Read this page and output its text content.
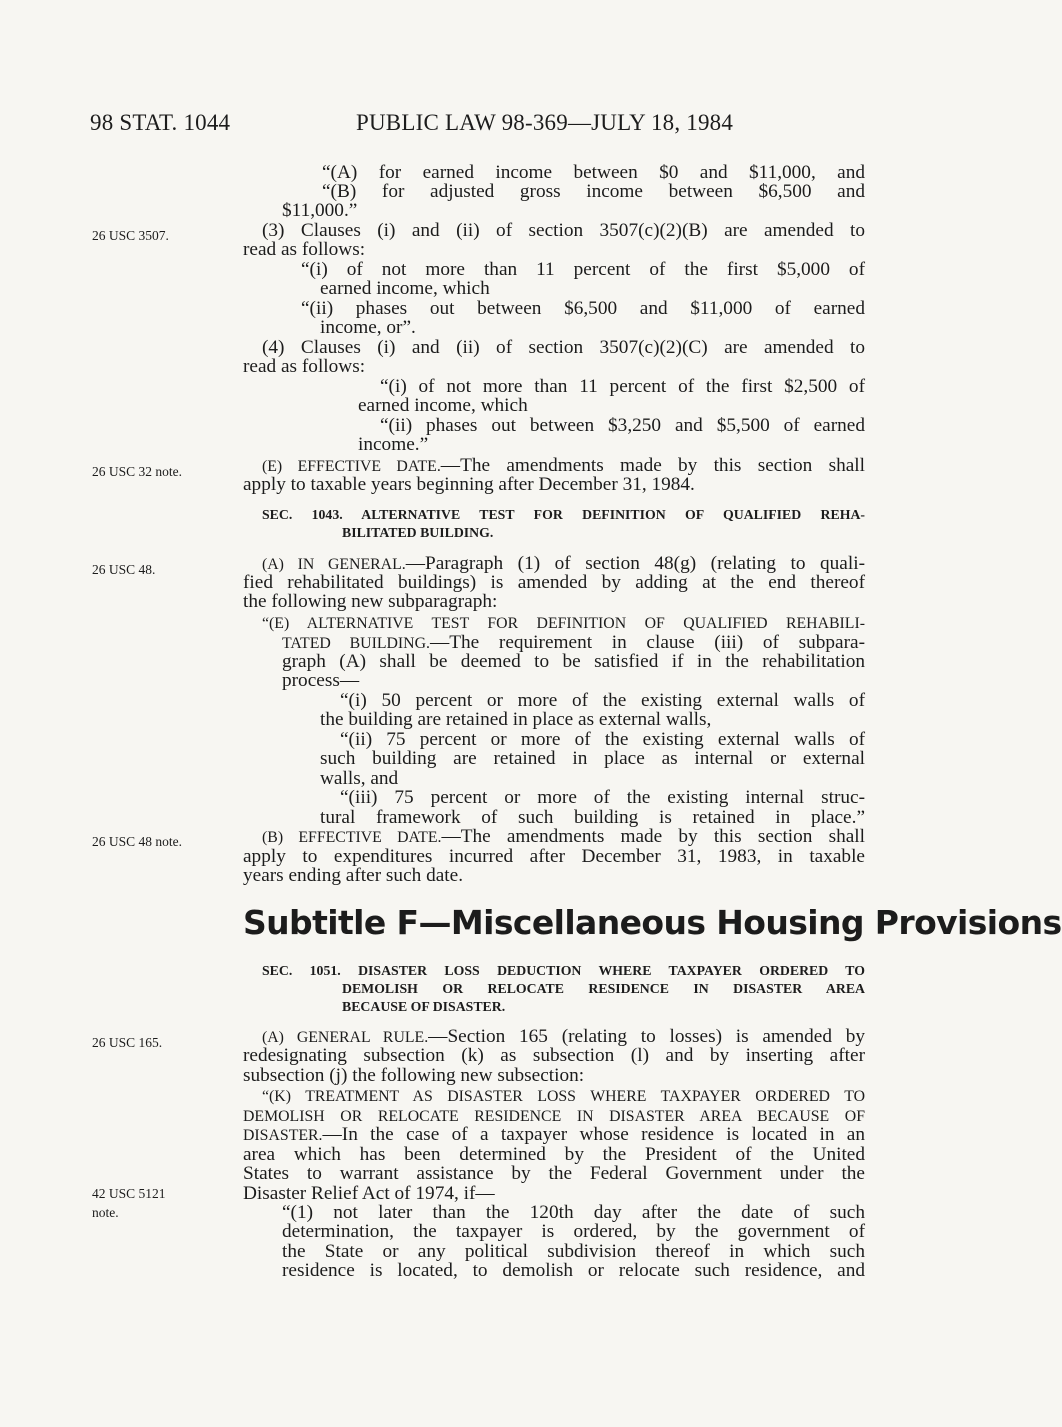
98 STAT. 1044	PUBLIC LAW 98-369—JULY 18, 1984
26 USC 3507.
26 USC 32 note.
26 USC 48.
26 USC 48 note.
26 USC 165.
42 USC 5121
note.
“(A) for earned income between $0 and $11,000, and
“(B) for adjusted gross income between $6,500 and
$11,000.”
(3) Clauses (i) and (ii) of section 3507(c)(2)(B) are amended to
read as follows:
“(i) of not more than 11 percent of the first $5,000 of
earned income, which
“(ii) phases out between $6,500 and $11,000 of earned
income, or”.
(4) Clauses (i) and (ii) of section 3507(c)(2)(C) are amended to
read as follows:
“(i) of not more than 11 percent of the first $2,500 of
earned income, which
“(ii) phases out between $3,250 and $5,500 of earned
income.”
(E) EFFECTIVE DATE.—The amendments made by this section shall
apply to taxable years beginning after December 31, 1984.
SEC. 1043. ALTERNATIVE TEST FOR DEFINITION OF QUALIFIED REHA-
BILITATED BUILDING.
(A) IN GENERAL.—Paragraph (1) of section 48(g) (relating to quali-
fied rehabilitated buildings) is amended by adding at the end thereof
the following new subparagraph:
“(E) ALTERNATIVE TEST FOR DEFINITION OF QUALIFIED REHABILI-
TATED BUILDING.—The requirement in clause (iii) of subpara-
graph (A) shall be deemed to be satisfied if in the rehabilitation
process—
“(i) 50 percent or more of the existing external walls of
the building are retained in place as external walls,
“(ii) 75 percent or more of the existing external walls of
such building are retained in place as internal or external
walls, and
“(iii) 75 percent or more of the existing internal struc-
tural framework of such building is retained in place.”
(B) EFFECTIVE DATE.—The amendments made by this section shall
apply to expenditures incurred after December 31, 1983, in taxable
years ending after such date.
Subtitle F—Miscellaneous Housing Provisions
SEC. 1051. DISASTER LOSS DEDUCTION WHERE TAXPAYER ORDERED TO
DEMOLISH OR RELOCATE RESIDENCE IN DISASTER AREA
BECAUSE OF DISASTER.
(A) GENERAL RULE.—Section 165 (relating to losses) is amended by
redesignating subsection (k) as subsection (l) and by inserting after
subsection (j) the following new subsection:
“(K) TREATMENT AS DISASTER LOSS WHERE TAXPAYER ORDERED TO
DEMOLISH OR RELOCATE RESIDENCE IN DISASTER AREA BECAUSE OF
DISASTER.—In the case of a taxpayer whose residence is located in an
area which has been determined by the President of the United
States to warrant assistance by the Federal Government under the
Disaster Relief Act of 1974, if—
“(1) not later than the 120th day after the date of such
determination, the taxpayer is ordered, by the government of
the State or any political subdivision thereof in which such
residence is located, to demolish or relocate such residence, and
